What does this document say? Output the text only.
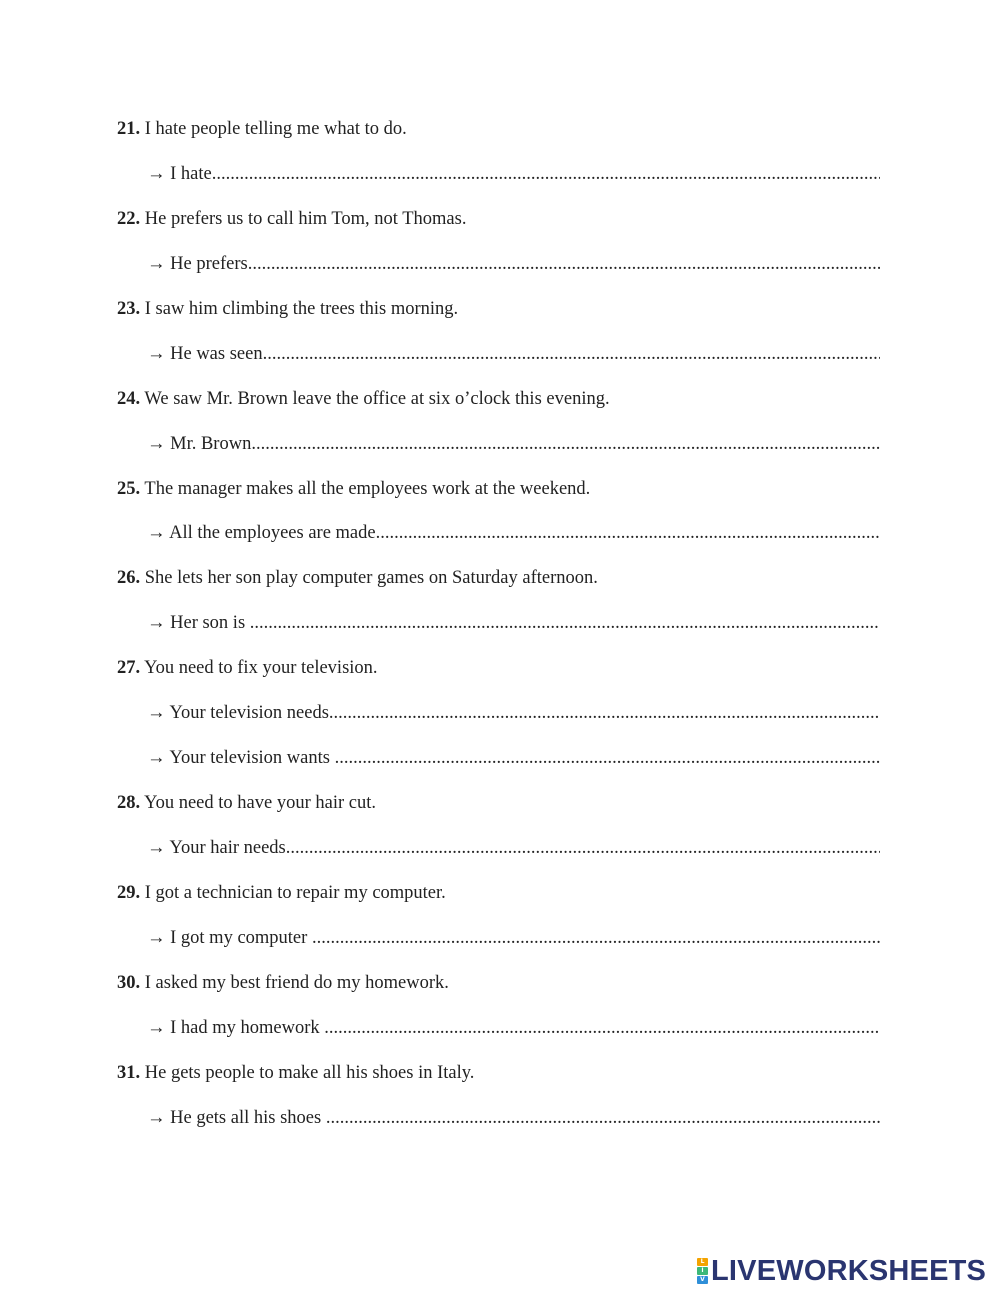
21. I hate people telling me what to do.
→ I hate
.....
22. He prefers us to call him Tom, not Thomas.
→ He prefers
.....
23. I saw him climbing the trees this morning.
→ He was seen
.....
24. We saw Mr. Brown leave the office at six o’clock this evening.
→ Mr. Brown
.....
25. The manager makes all the employees work at the weekend.
→ All the employees are made
.....
26. She lets her son play computer games on Saturday afternoon.
→ Her son is
.....
27. You need to fix your television.
→ Your television needs
.....
→ Your television wants
.....
28. You need to have your hair cut.
→ Your hair needs
.....
29. I got a technician to repair my computer.
→ I got my computer
.....
30. I asked my best friend do my homework.
→ I had my homework
.....
31. He gets people to make all his shoes in Italy.
→ He gets all his shoes
.....
L
I
V LIVEWORKSHEETS
